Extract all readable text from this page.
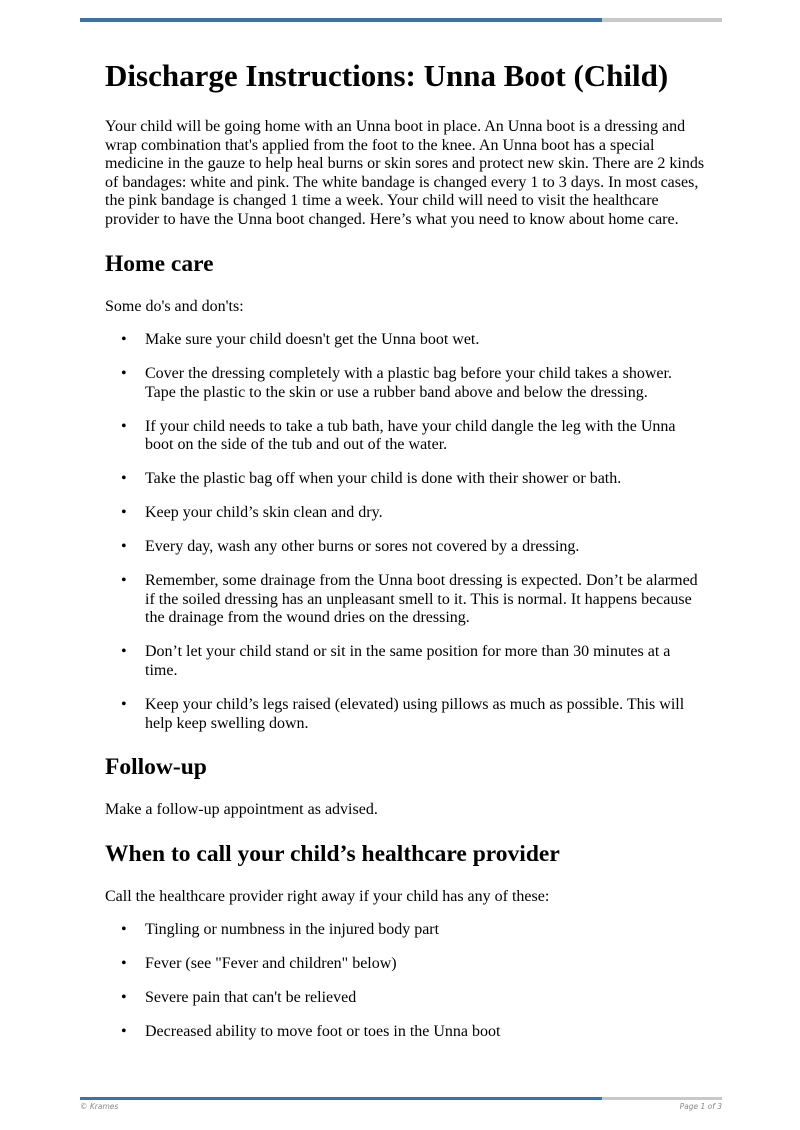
Discharge Instructions: Unna Boot (Child)

Your child will be going home with an Unna boot in place. An Unna boot is a dressing and wrap combination that's applied from the foot to the knee. An Unna boot has a special medicine in the gauze to help heal burns or skin sores and protect new skin. There are 2 kinds of bandages: white and pink. The white bandage is changed every 1 to 3 days. In most cases, the pink bandage is changed 1 time a week. Your child will need to visit the healthcare provider to have the Unna boot changed. Here’s what you need to know about home care.

Home care

Some do's and don'ts:

• Make sure your child doesn't get the Unna boot wet.
• Cover the dressing completely with a plastic bag before your child takes a shower. Tape the plastic to the skin or use a rubber band above and below the dressing.
• If your child needs to take a tub bath, have your child dangle the leg with the Unna boot on the side of the tub and out of the water.
• Take the plastic bag off when your child is done with their shower or bath.
• Keep your child’s skin clean and dry.
• Every day, wash any other burns or sores not covered by a dressing.
• Remember, some drainage from the Unna boot dressing is expected. Don’t be alarmed if the soiled dressing has an unpleasant smell to it. This is normal. It happens because the drainage from the wound dries on the dressing.
• Don’t let your child stand or sit in the same position for more than 30 minutes at a time.
• Keep your child’s legs raised (elevated) using pillows as much as possible. This will help keep swelling down.
Follow-up

Make a follow-up appointment as advised.

When to call your child’s healthcare provider

Call the healthcare provider right away if your child has any of these:

• Tingling or numbness in the injured body part
• Fever (see "Fever and children" below)
• Severe pain that can't be relieved
• Decreased ability to move foot or toes in the Unna boot
© Krames	Page 1 of 3
